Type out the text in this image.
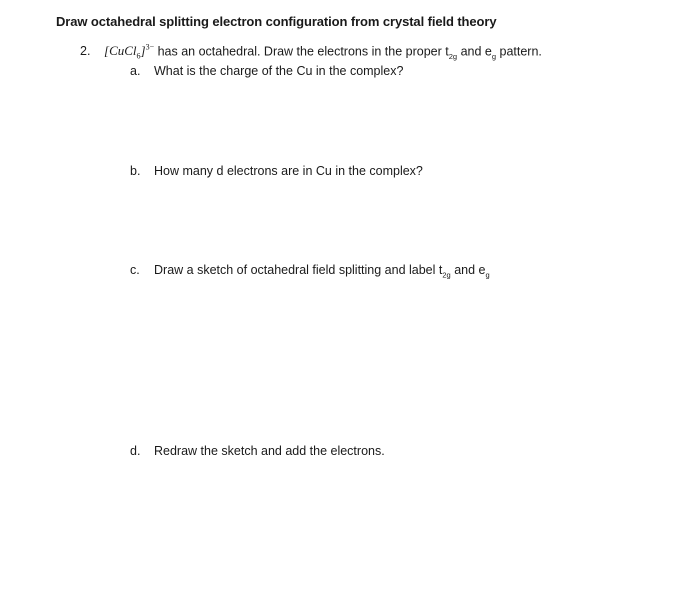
Draw octahedral splitting electron configuration from crystal field theory
2. [CuCl$_6$]$^{3-}$ has an octahedral. Draw the electrons in the proper $t_{2g}$ and $e_g$ pattern.
a. What is the charge of the Cu in the complex?
b. How many d electrons are in Cu in the complex?
c. Draw a sketch of octahedral field splitting and label $t_{2g}$ and $e_g$
d. Redraw the sketch and add the electrons.
